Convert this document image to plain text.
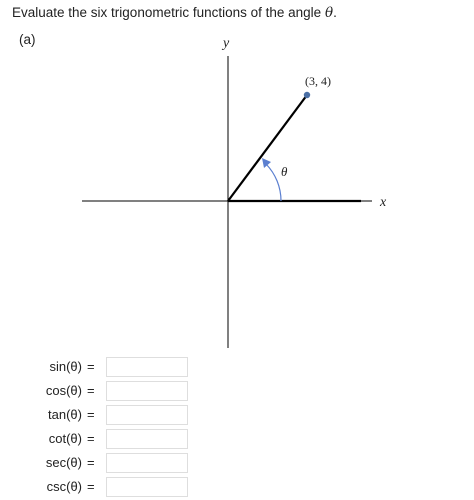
Evaluate the six trigonometric functions of the angle θ.
(a)	y
x
(3, 4)
θ
sin(θ) =
cos(θ) =
tan(θ) =
cot(θ) =
sec(θ) =
csc(θ) =
